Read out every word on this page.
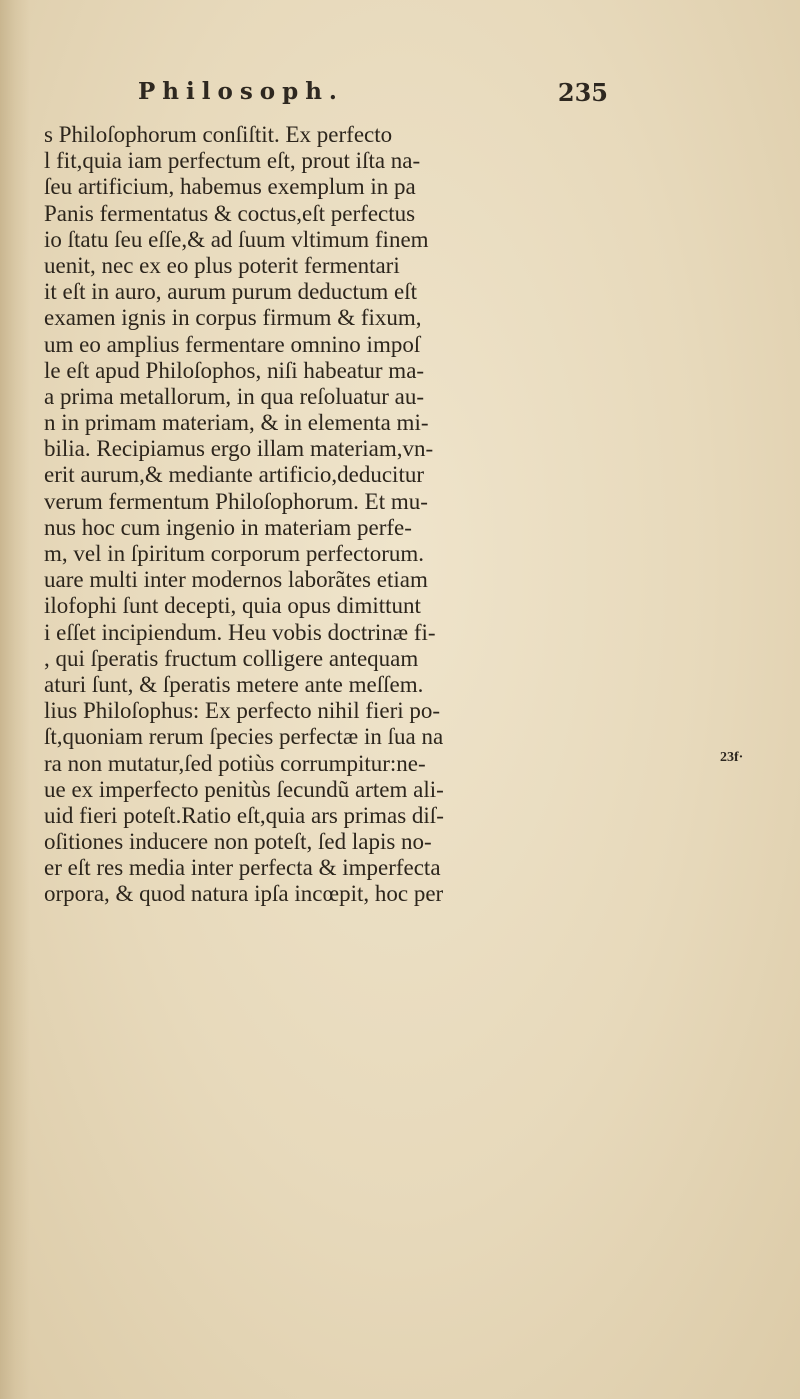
Philosoph.	235
s Philoſophorum conſiſtit. Ex perfecto
l fit,quia iam perfectum eſt, prout iſta na-
ſeu artificium, habemus exemplum in pa
Panis fermentatus & coctus,eſt perfectus
io ſtatu ſeu eſſe,& ad ſuum vltimum finem
uenit, nec ex eo plus poterit fermentari
it eſt in auro, aurum purum deductum eſt
examen ignis in corpus firmum & fixum,
um eo amplius fermentare omnino impoſ
le eſt apud Philoſophos, niſi habeatur ma-
a prima metallorum, in qua reſoluatur au-
n in primam materiam, & in elementa mi-
bilia. Recipiamus ergo illam materiam,vn-
erit aurum,& mediante artificio,deducitur
verum fermentum Philoſophorum. Et mu-
nus hoc cum ingenio in materiam perfe-
m, vel in ſpiritum corporum perfectorum.
uare multi inter modernos laborãtes etiam
ilofophi ſunt decepti, quia opus dimittunt
i eſſet incipiendum. Heu vobis doctrinæ fi-
, qui ſperatis fructum colligere antequam
aturi ſunt, & ſperatis metere ante meſſem.
lius Philoſophus: Ex perfecto nihil fieri po-
ſt,quoniam rerum ſpecies perfectæ in ſua na
ra non mutatur,ſed potiùs corrumpitur:ne-
ue ex imperfecto penitùs ſecundũ artem ali-
uid fieri poteſt.Ratio eſt,quia ars primas diſ-
oſitiones inducere non poteſt, ſed lapis no-
er eſt res media inter perfecta & imperfecta
orpora, & quod natura ipſa incœpit, hoc per
23f·
